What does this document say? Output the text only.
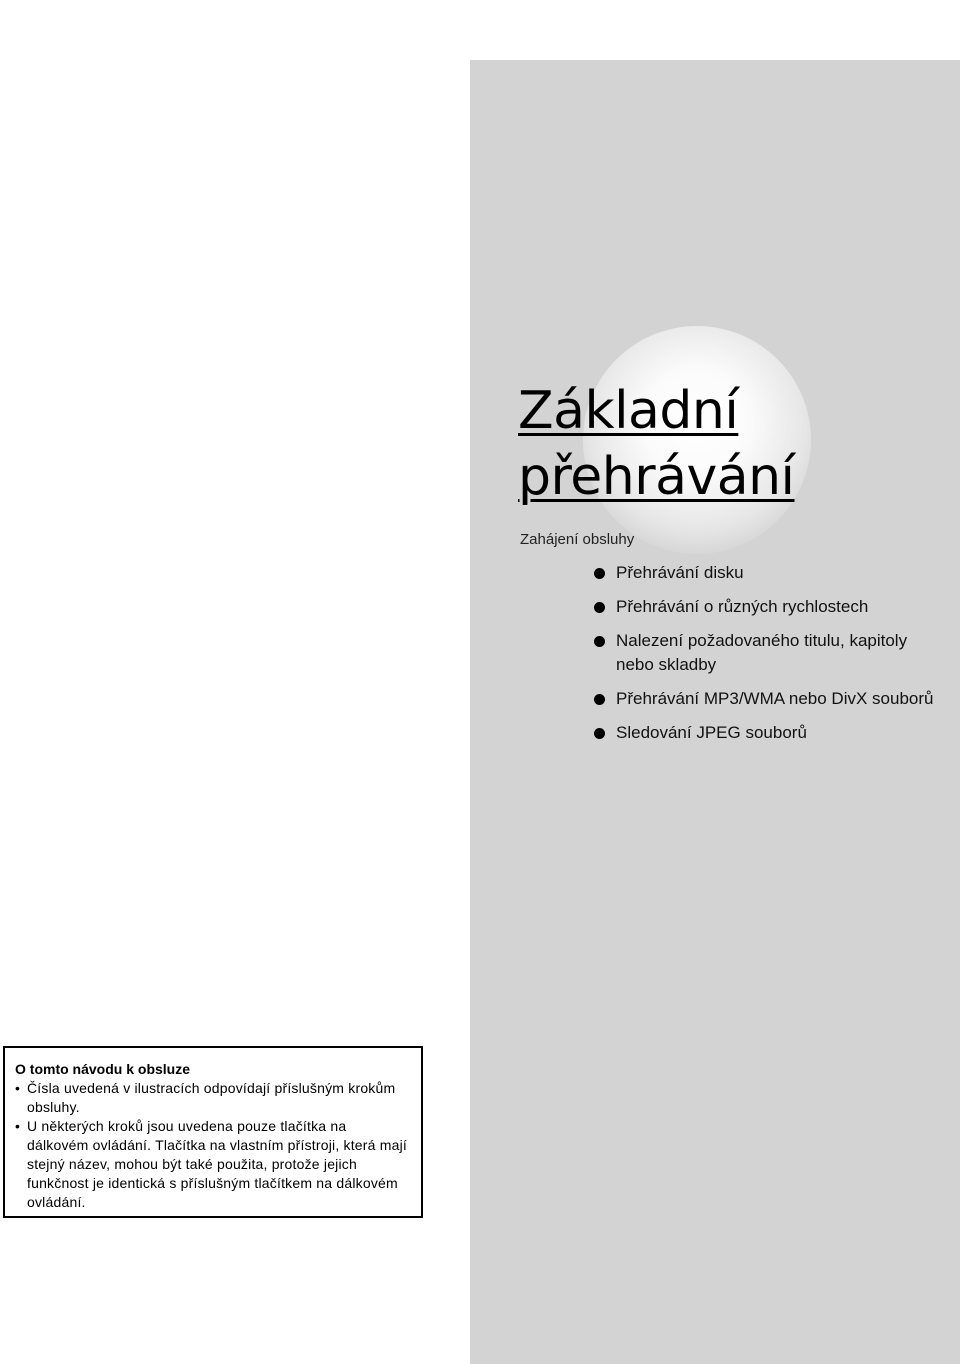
Základní
přehrávání
Zahájení obsluhy
Přehrávání disku
Přehrávání o různých rychlostech
Nalezení požadovaného titulu, kapitoly nebo skladby
Přehrávání MP3/WMA nebo DivX souborů
Sledování JPEG souborů

O tomto návodu k obsluze

• Čísla uvedená v ilustracích odpovídají příslušným krokům obsluhy.
• U některých kroků jsou uvedena pouze tlačítka na dálkovém ovládání. Tlačítka na vlastním přístroji, která mají stejný název, mohou být také použita, protože jejich funkčnost je identická s příslušným tlačítkem na dálkovém ovládání.
